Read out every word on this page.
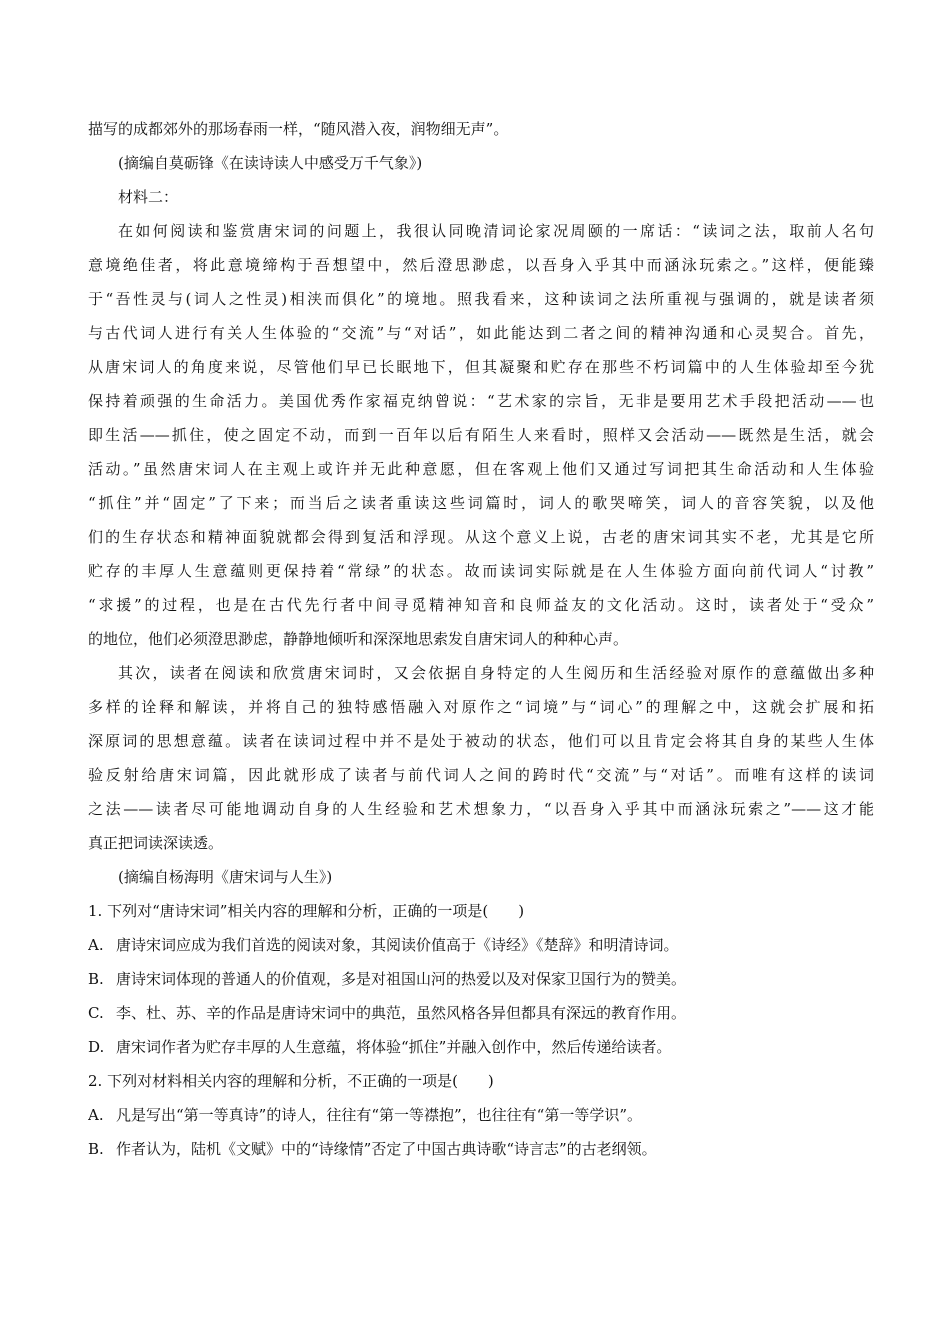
描写的成都郊外的那场春雨一样，“随风潜入夜，润物细无声”。
(摘编自莫砺锋《在读诗读人中感受万千气象》)
材料二：
在如何阅读和鉴赏唐宋词的问题上，我很认同晚清词论家况周颐的一席话：“读词之法，取前人名句
意境绝佳者，将此意境缔构于吾想望中，然后澄思渺虑，以吾身入乎其中而涵泳玩索之。”这样，便能臻
于“吾性灵与(词人之性灵)相浃而俱化”的境地。照我看来，这种读词之法所重视与强调的，就是读者须
与古代词人进行有关人生体验的“交流”与“对话”，如此能达到二者之间的精神沟通和心灵契合。首先，
从唐宋词人的角度来说，尽管他们早已长眠地下，但其凝聚和贮存在那些不朽词篇中的人生体验却至今犹
保持着顽强的生命活力。美国优秀作家福克纳曾说：“艺术家的宗旨，无非是要用艺术手段把活动——也
即生活——抓住，使之固定不动，而到一百年以后有陌生人来看时，照样又会活动——既然是生活，就会
活动。”虽然唐宋词人在主观上或许并无此种意愿，但在客观上他们又通过写词把其生命活动和人生体验
“抓住”并“固定”了下来；而当后之读者重读这些词篇时，词人的歌哭啼笑，词人的音容笑貌，以及他
们的生存状态和精神面貌就都会得到复活和浮现。从这个意义上说，古老的唐宋词其实不老，尤其是它所
贮存的丰厚人生意蕴则更保持着“常绿”的状态。故而读词实际就是在人生体验方面向前代词人“讨教”
“求援”的过程，也是在古代先行者中间寻觅精神知音和良师益友的文化活动。这时，读者处于“受众”
的地位，他们必须澄思渺虑，静静地倾听和深深地思索发自唐宋词人的种种心声。
其次，读者在阅读和欣赏唐宋词时，又会依据自身特定的人生阅历和生活经验对原作的意蕴做出多种
多样的诠释和解读，并将自己的独特感悟融入对原作之“词境”与“词心”的理解之中，这就会扩展和拓
深原词的思想意蕴。读者在读词过程中并不是处于被动的状态，他们可以且肯定会将其自身的某些人生体
验反射给唐宋词篇，因此就形成了读者与前代词人之间的跨时代“交流”与“对话”。而唯有这样的读词
之法——读者尽可能地调动自身的人生经验和艺术想象力，“以吾身入乎其中而涵泳玩索之”——这才能
真正把词读深读透。
(摘编自杨海明《唐宋词与人生》)
1. 下列对“唐诗宋词”相关内容的理解和分析，正确的一项是(　　)
A. 唐诗宋词应成为我们首选的阅读对象，其阅读价值高于《诗经》《楚辞》和明清诗词。
B. 唐诗宋词体现的普通人的价值观，多是对祖国山河的热爱以及对保家卫国行为的赞美。
C. 李、杜、苏、辛的作品是唐诗宋词中的典范，虽然风格各异但都具有深远的教育作用。
D. 唐宋词作者为贮存丰厚的人生意蕴，将体验“抓住”并融入创作中，然后传递给读者。
2. 下列对材料相关内容的理解和分析，不正确的一项是(　　)
A. 凡是写出“第一等真诗”的诗人，往往有“第一等襟抱”，也往往有“第一等学识”。
B. 作者认为，陆机《文赋》中的“诗缘情”否定了中国古典诗歌“诗言志”的古老纲领。
